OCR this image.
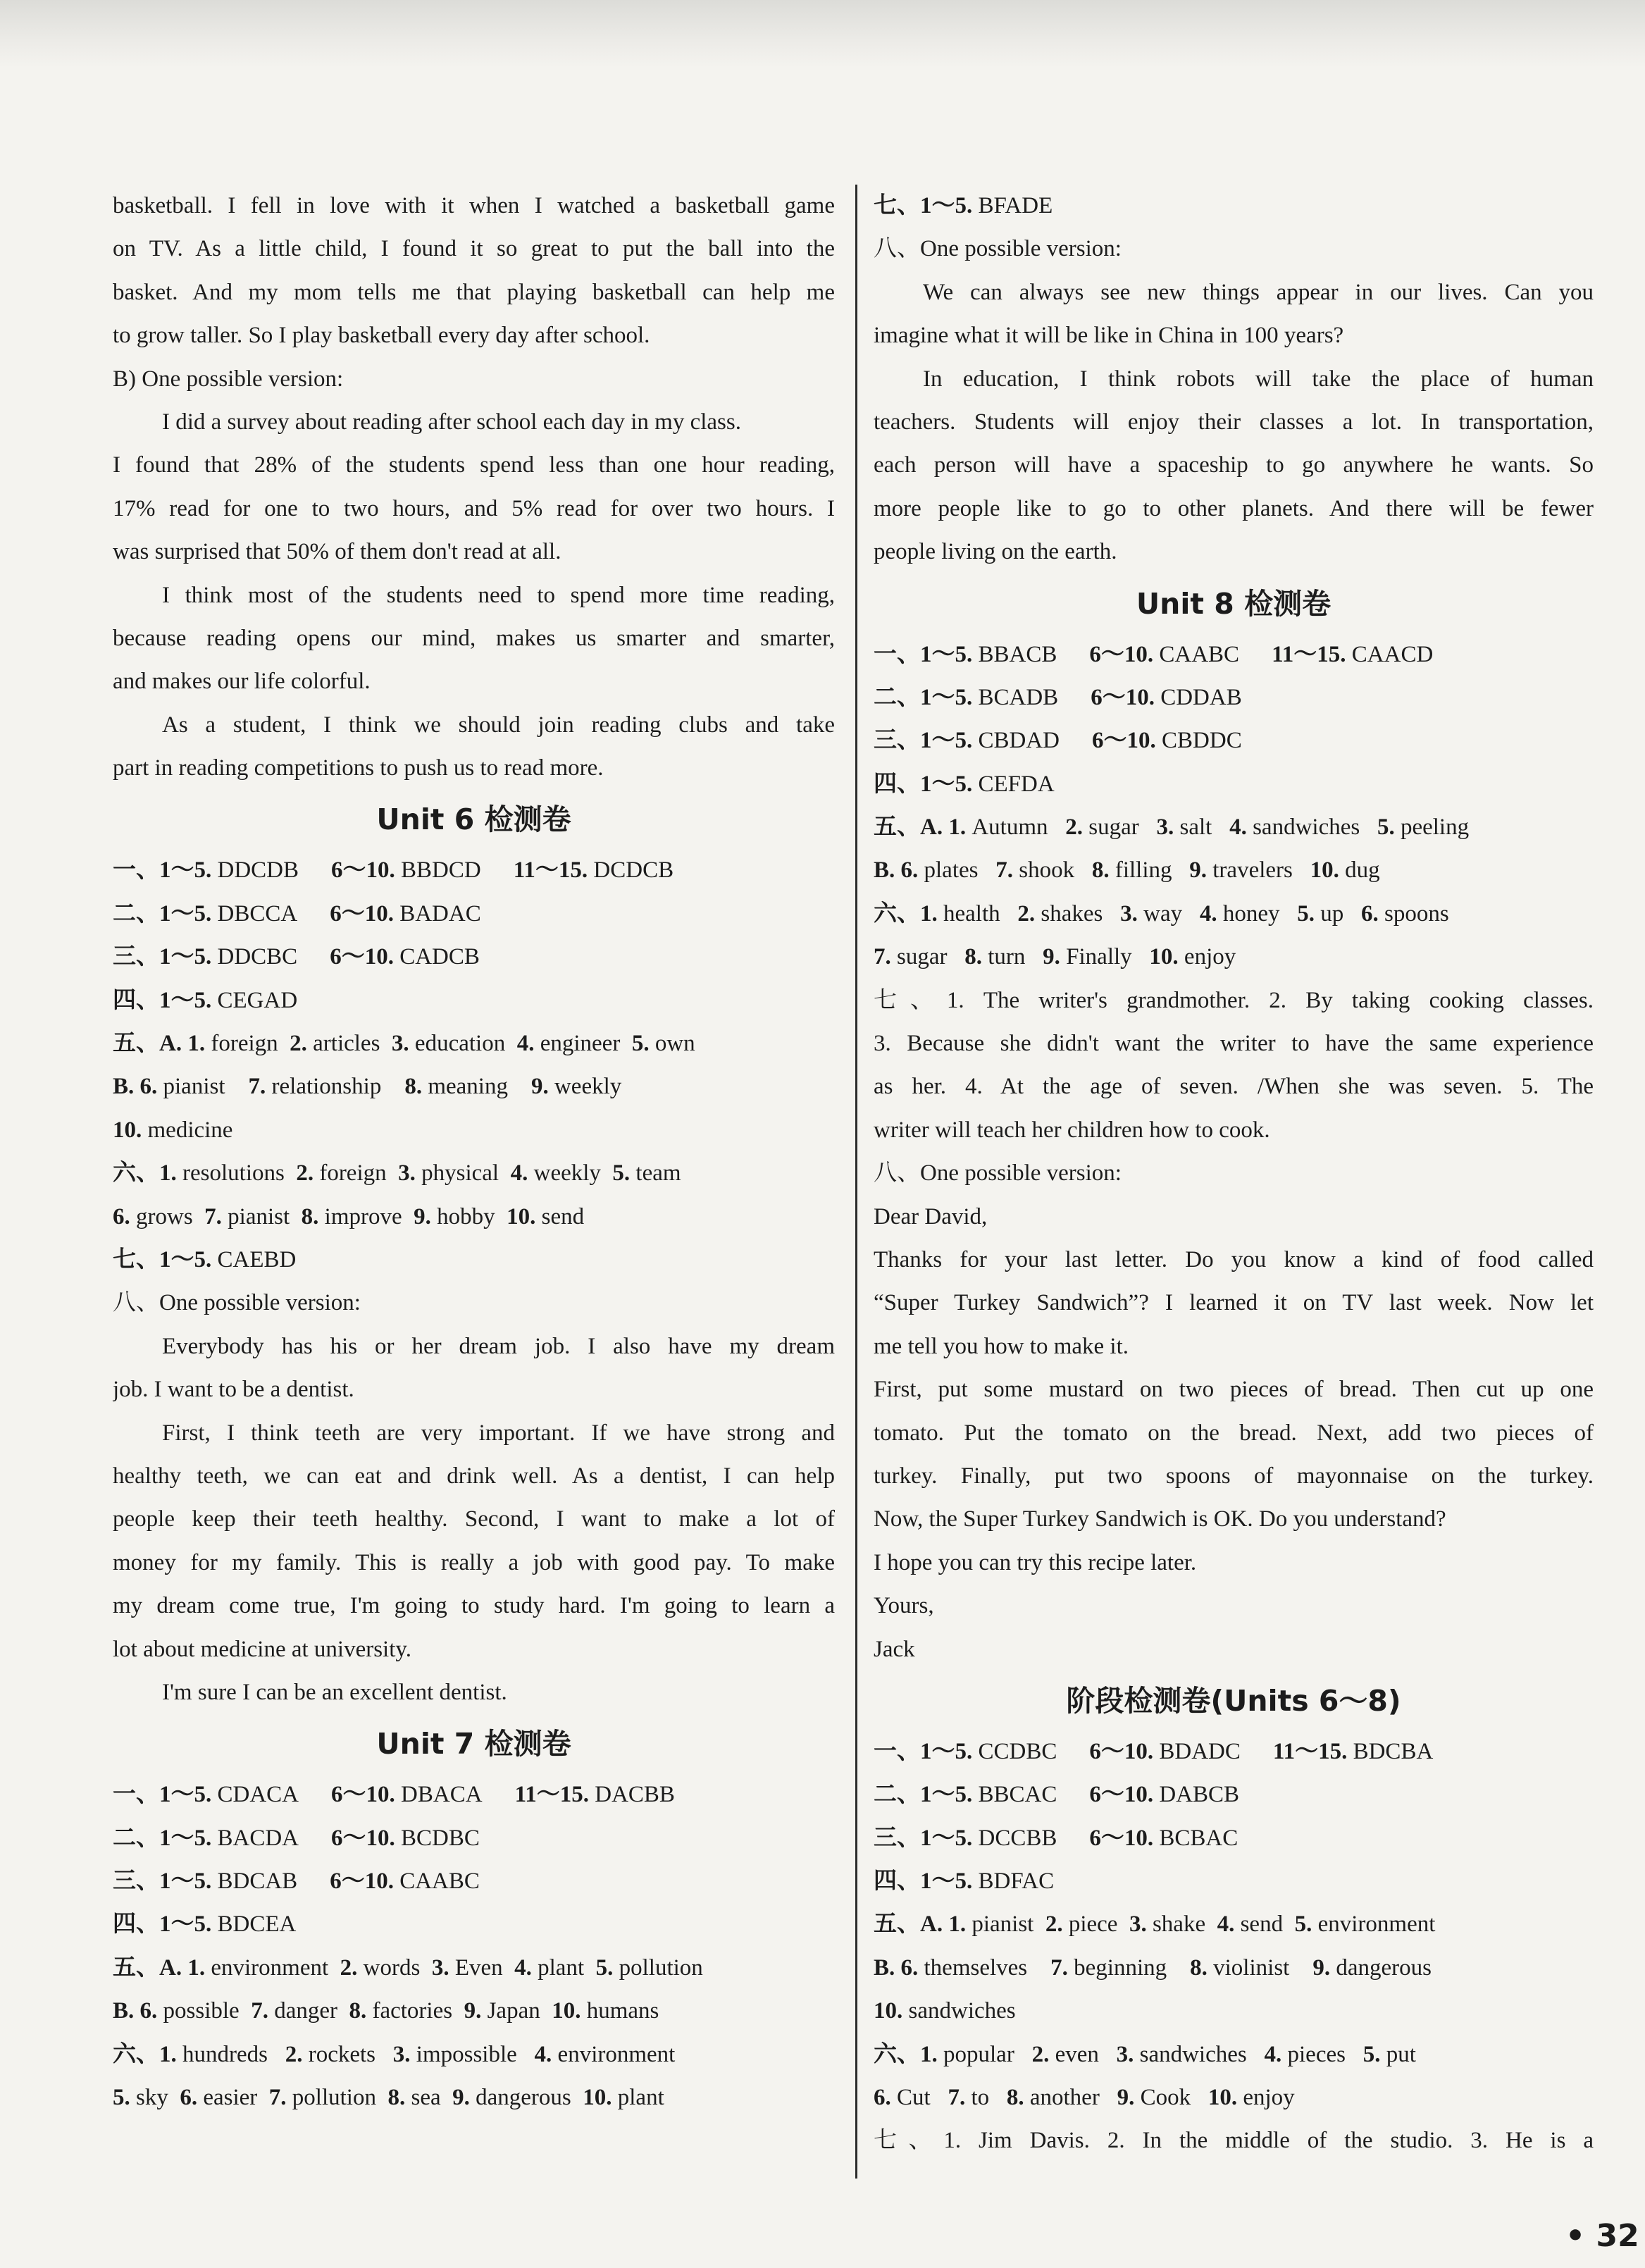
basketball. I fell in love with it when I watched a basketball game
on TV. As a little child, I found it so great to put the ball into the
basket. And my mom tells me that playing basketball can help me
to grow taller. So I play basketball every day after school.
B) One possible version:
I did a survey about reading after school each day in my class.
I found that 28% of the students spend less than one hour reading,
17% read for one to two hours, and 5% read for over two hours. I
was surprised that 50% of them don't read at all.
I think most of the students need to spend more time reading,
because reading opens our mind, makes us smarter and smarter,
and makes our life colorful.
As a student, I think we should join reading clubs and take
part in reading competitions to push us to read more.
Unit 6 检测卷
一、1～5.
DDCDB 6～10.
BBDCD 11～15.
DCDCB
二、1～5.
DBCCA 6～10.
BADAC
三、1～5.
DDCBC 6～10.
CADCB
四、1～5.
CEGAD
五、A.
1.
foreign
2.
articles
3.
education
4.
engineer
5.
own
B.
6.
pianist
7.
relationship
8.
meaning
9.
weekly
10.
medicine
六、 1.
resolutions
2.
foreign
3.
physical
4.
weekly
5.
team
6.
grows
7.
pianist
8.
improve
9.
hobby
10.
send
七、1～5.
CAEBD
八、One possible version:
Everybody has his or her dream job. I also have my dream
job. I want to be a dentist.
First, I think teeth are very important. If we have strong and
healthy teeth, we can eat and drink well. As a dentist, I can help
people keep their teeth healthy. Second, I want to make a lot of
money for my family. This is really a job with good pay. To make
my dream come true, I'm going to study hard. I'm going to learn a
lot about medicine at university.
I'm sure I can be an excellent dentist.
Unit 7 检测卷
一、1～5.
CDACA 6～10.
DBACA 11～15.
DACBB
二、1～5.
BACDA 6～10.
BCDBC
三、1～5.
BDCAB 6～10.
CAABC
四、1～5.
BDCEA
五、A.
1.
environment
2.
words
3.
Even
4.
plant
5.
pollution
B.
6.
possible
7.
danger
8.
factories
9.
Japan
10.
humans
六、 1.
hundreds
2.
rockets
3.
impossible
4.
environment
5.
sky
6.
easier
7.
pollution
8.
sea
9.
dangerous
10.
plant
七、1～5.
BFADE
八、One possible version:
We can always see new things appear in our lives. Can you
imagine what it will be like in China in 100 years?
In education, I think robots will take the place of human
teachers. Students will enjoy their classes a lot. In transportation,
each person will have a spaceship to go anywhere he wants. So
more people like to go to other planets. And there will be fewer
people living on the earth.
Unit 8 检测卷
一、1～5.
BBACB 6～10.
CAABC 11～15.
CAACD
二、1～5.
BCADB 6～10.
CDDAB
三、1～5.
CBDAD 6～10.
CBDDC
四、1～5.
CEFDA
五、A.
1.
Autumn
2.
sugar
3.
salt
4.
sandwiches
5.
peeling
B.
6.
plates
7.
shook
8.
filling
9.
travelers
10.
dug
六、 1.
health
2.
shakes
3.
way
4.
honey
5.
up
6.
spoons
7.
sugar
8.
turn
9.
Finally
10.
enjoy
七、1. The writer's grandmother. 2. By taking cooking classes.
3. Because she didn't want the writer to have the same experience
as her. 4. At the age of seven. /When she was seven. 5. The
writer will teach her children how to cook.
八、One possible version:
Dear David,
Thanks for your last letter. Do you know a kind of food called
“Super Turkey Sandwich”? I learned it on TV last week. Now let
me tell you how to make it.
First, put some mustard on two pieces of bread. Then cut up one
tomato. Put the tomato on the bread. Next, add two pieces of
turkey. Finally, put two spoons of mayonnaise on the turkey.
Now, the Super Turkey Sandwich is OK. Do you understand?
I hope you can try this recipe later.
Yours,
Jack
阶段检测卷(Units 6～8)
一、1～5.
CCDBC 6～10.
BDADC 11～15.
BDCBA
二、1～5.
BBCAC 6～10.
DABCB
三、1～5.
DCCBB 6～10.
BCBAC
四、1～5.
BDFAC
五、A.
1.
pianist
2.
piece
3.
shake
4.
send
5.
environment
B.
6.
themselves
7.
beginning
8.
violinist
9.
dangerous
10.
sandwiches
六、 1.
popular
2.
even
3.
sandwiches
4.
pieces
5.
put
6.
Cut
7.
to
8.
another
9.
Cook
10.
enjoy
七、1. Jim Davis. 2. In the middle of the studio. 3. He is a
• 32
